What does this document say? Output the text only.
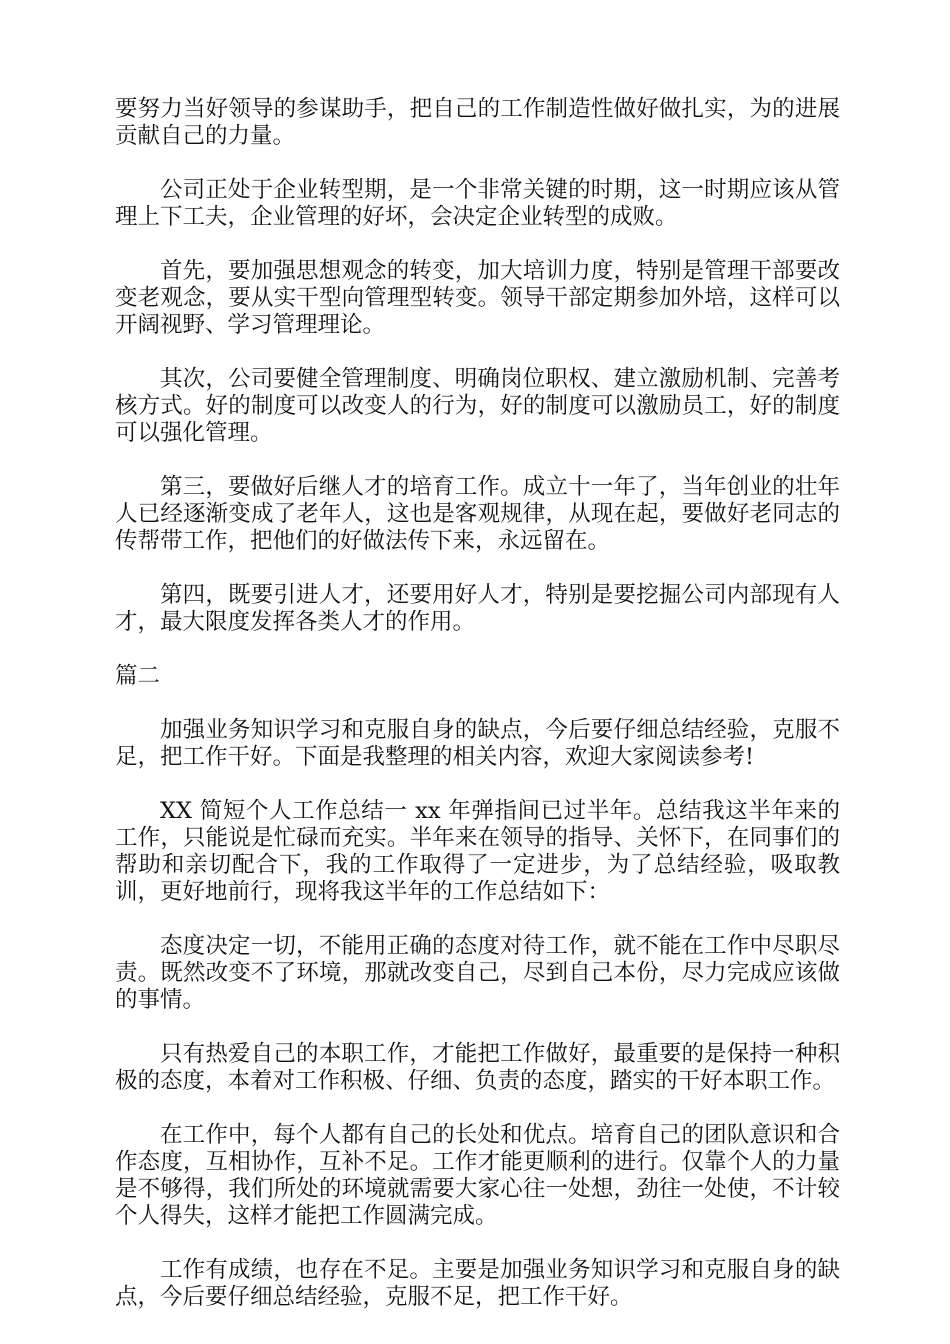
要努力当好领导的参谋助手，把自己的工作制造性做好做扎实，为的进展贡献自己的力量。

公司正处于企业转型期，是一个非常关键的时期，这一时期应该从管理上下工夫，企业管理的好坏，会决定企业转型的成败。

首先，要加强思想观念的转变，加大培训力度，特别是管理干部要改变老观念，要从实干型向管理型转变。领导干部定期参加外培，这样可以开阔视野、学习管理理论。

其次，公司要健全管理制度、明确岗位职权、建立激励机制、完善考核方式。好的制度可以改变人的行为，好的制度可以激励员工，好的制度可以强化管理。

第三，要做好后继人才的培育工作。成立十一年了，当年创业的壮年人已经逐渐变成了老年人，这也是客观规律，从现在起，要做好老同志的传帮带工作，把他们的好做法传下来，永远留在。

第四，既要引进人才，还要用好人才，特别是要挖掘公司内部现有人才，最大限度发挥各类人才的作用。

篇二

加强业务知识学习和克服自身的缺点，今后要仔细总结经验，克服不足，把工作干好。下面是我整理的相关内容，欢迎大家阅读参考!

XX 简短个人工作总结一 xx 年弹指间已过半年。总结我这半年来的工作，只能说是忙碌而充实。半年来在领导的指导、关怀下，在同事们的帮助和亲切配合下，我的工作取得了一定进步，为了总结经验，吸取教训，更好地前行，现将我这半年的工作总结如下：

态度决定一切，不能用正确的态度对待工作，就不能在工作中尽职尽责。既然改变不了环境，那就改变自己，尽到自己本份，尽力完成应该做的事情。

只有热爱自己的本职工作，才能把工作做好，最重要的是保持一种积极的态度，本着对工作积极、仔细、负责的态度，踏实的干好本职工作。

在工作中，每个人都有自己的长处和优点。培育自己的团队意识和合作态度，互相协作，互补不足。工作才能更顺利的进行。仅靠个人的力量是不够得，我们所处的环境就需要大家心往一处想，劲往一处使，不计较个人得失，这样才能把工作圆满完成。

工作有成绩，也存在不足。主要是加强业务知识学习和克服自身的缺点，今后要仔细总结经验，克服不足，把工作干好。
